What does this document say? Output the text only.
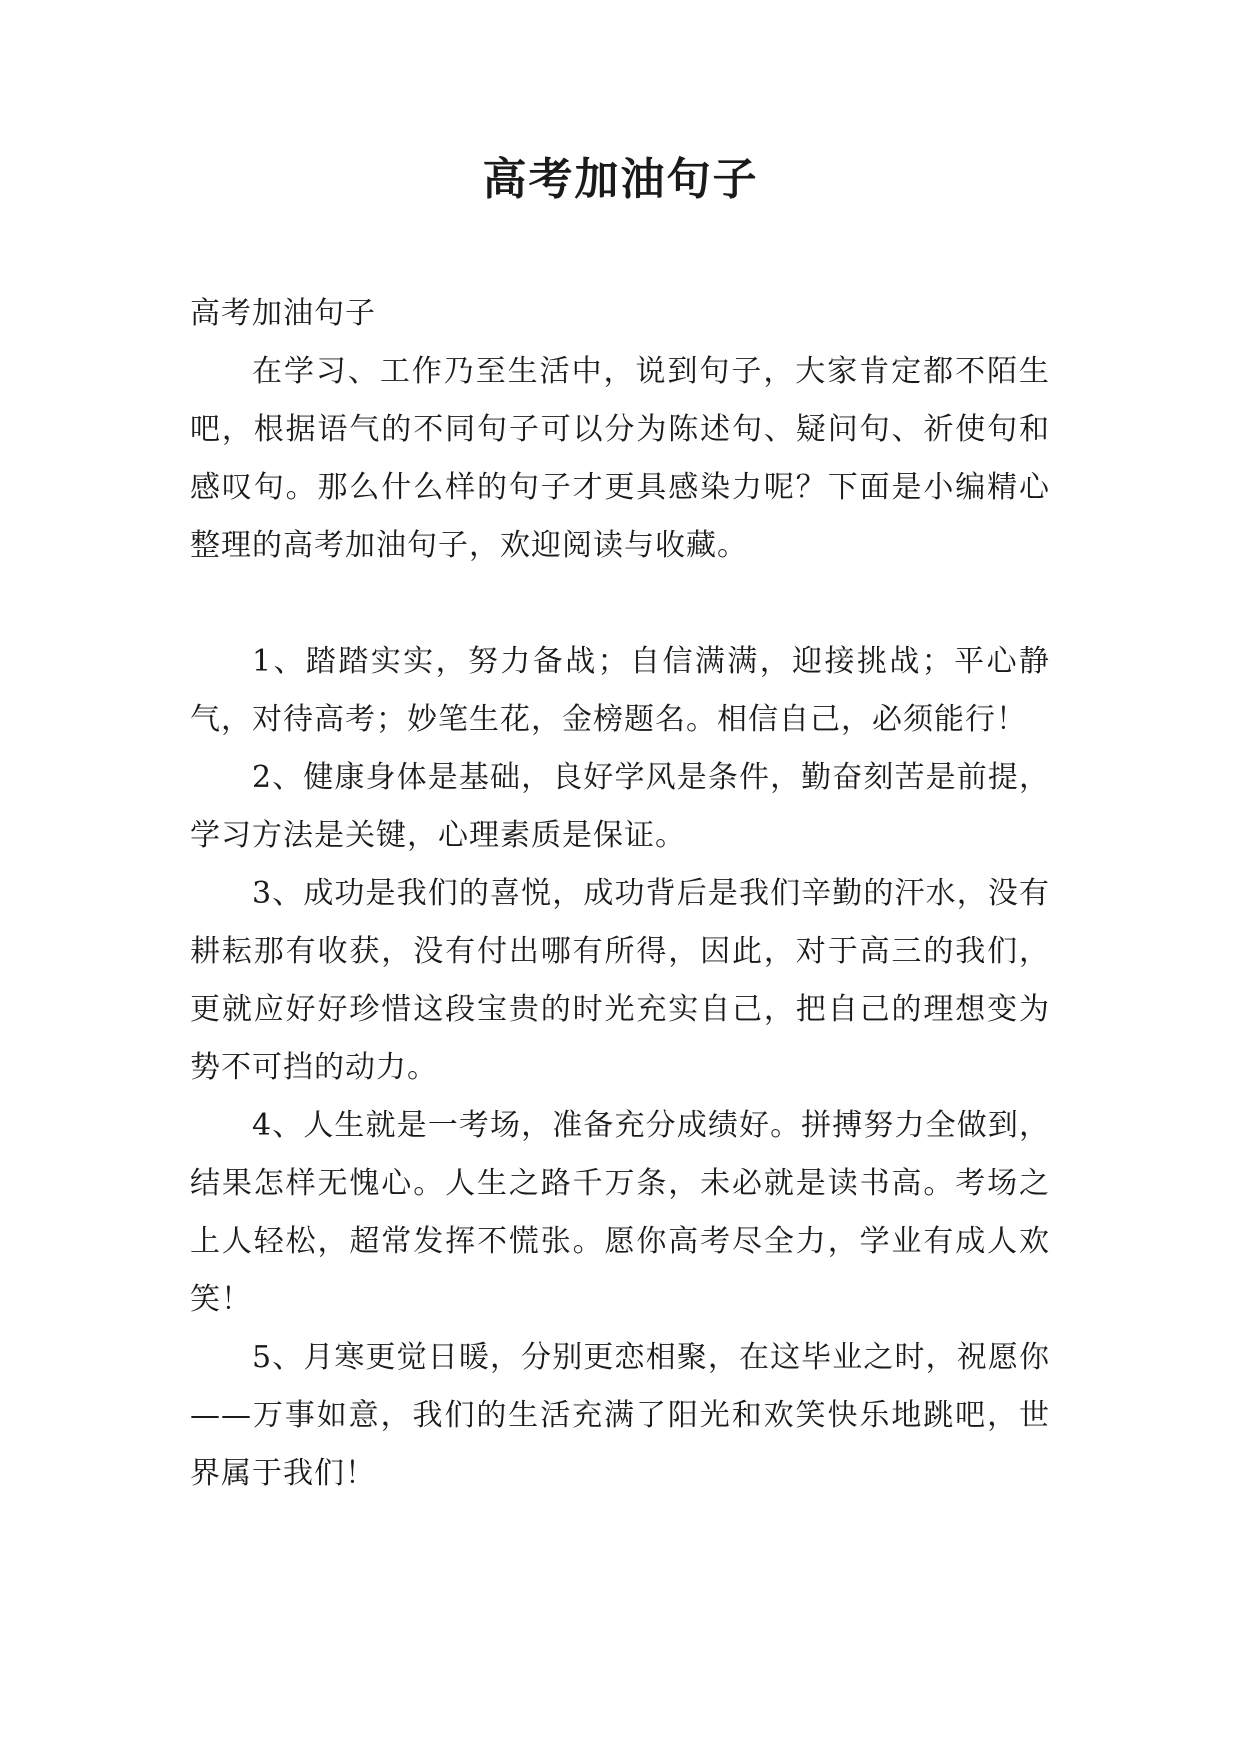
高考加油句子

高考加油句子

在学习、工作乃至生活中，说到句子，大家肯定都不陌生吧，根据语气的不同句子可以分为陈述句、疑问句、祈使句和感叹句。那么什么样的句子才更具感染力呢？下面是小编精心整理的高考加油句子，欢迎阅读与收藏。

1、踏踏实实，努力备战；自信满满，迎接挑战；平心静气，对待高考；妙笔生花，金榜题名。相信自己，必须能行！

2、健康身体是基础，良好学风是条件，勤奋刻苦是前提，学习方法是关键，心理素质是保证。

3、成功是我们的喜悦，成功背后是我们辛勤的汗水，没有耕耘那有收获，没有付出哪有所得，因此，对于高三的我们，更就应好好珍惜这段宝贵的时光充实自己，把自己的理想变为势不可挡的动力。

4、人生就是一考场，准备充分成绩好。拼搏努力全做到，结果怎样无愧心。人生之路千万条，未必就是读书高。考场之上人轻松，超常发挥不慌张。愿你高考尽全力，学业有成人欢笑！

5、月寒更觉日暖，分别更恋相聚，在这毕业之时，祝愿你——万事如意，我们的生活充满了阳光和欢笑快乐地跳吧，世界属于我们！
